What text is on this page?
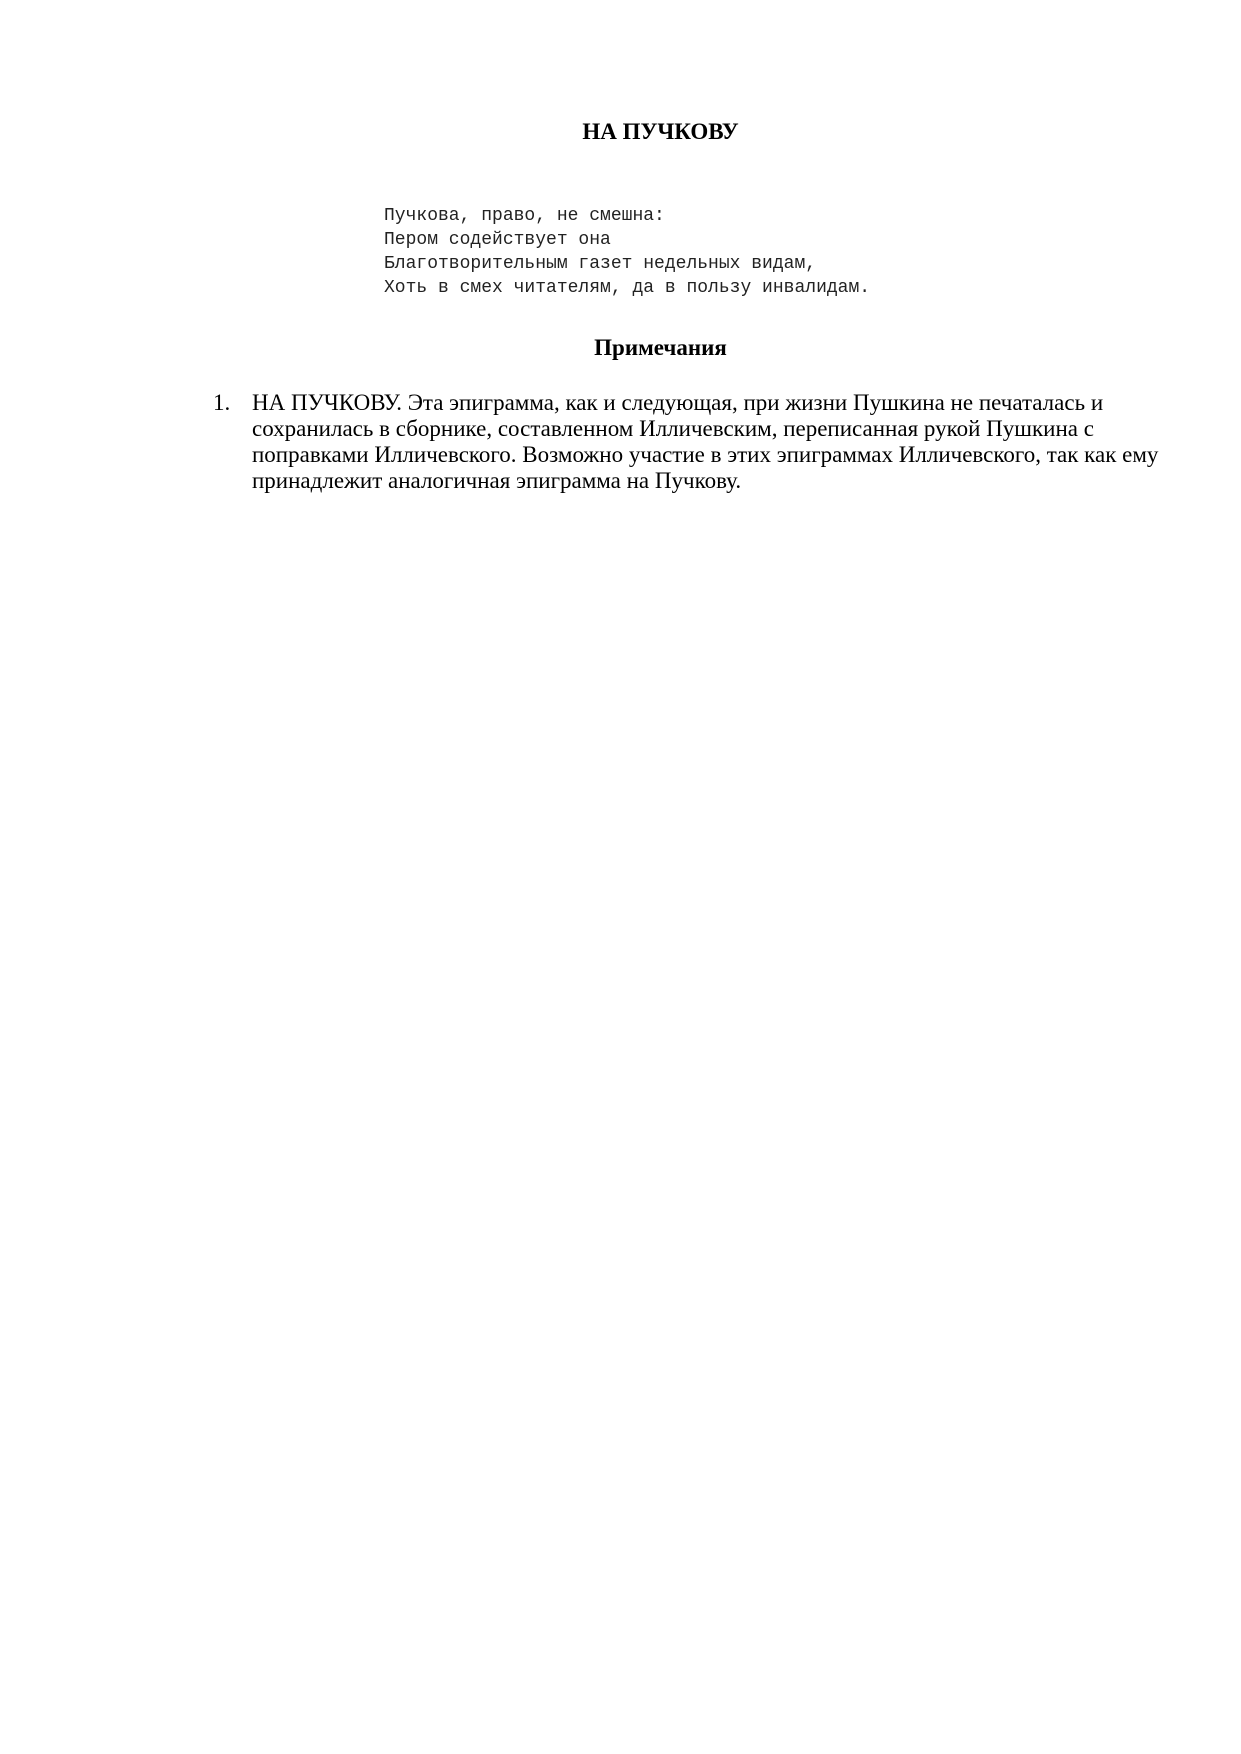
НА ПУЧКОВУ
Пучкова, право, не смешна:
Пером содействует она
Благотворительным газет недельных видам,
Хоть в смех читателям, да в пользу инвалидам.
Примечания
1. НА ПУЧКОВУ. Эта эпиграмма, как и следующая, при жизни Пушкина не печаталась и сохранилась в сборнике, составленном Илличевским, переписанная рукой Пушкина с поправками Илличевского. Возможно участие в этих эпиграммах Илличевского, так как ему принадлежит аналогичная эпиграмма на Пучкову.
